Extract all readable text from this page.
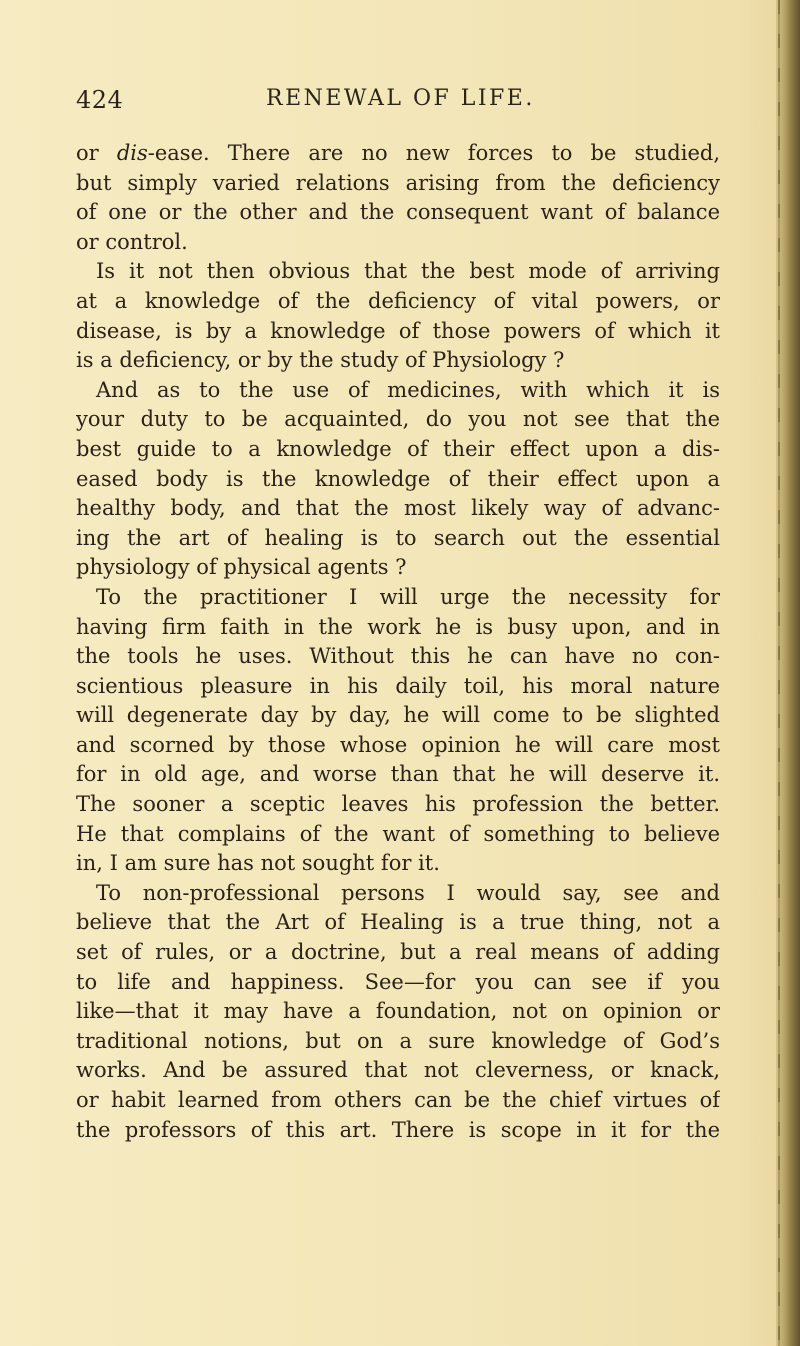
424	RENEWAL OF LIFE.
or dis-ease. There are no new forces to be studied,
but simply varied relations arising from the deficiency
of one or the other and the consequent want of balance
or control.
Is it not then obvious that the best mode of arriving
at a knowledge of the deficiency of vital powers, or
disease, is by a knowledge of those powers of which it
is a deficiency, or by the study of Physiology ?
And as to the use of medicines, with which it is
your duty to be acquainted, do you not see that the
best guide to a knowledge of their effect upon a dis-
eased body is the knowledge of their effect upon a
healthy body, and that the most likely way of advanc-
ing the art of healing is to search out the essential
physiology of physical agents ?
To the practitioner I will urge the necessity for
having firm faith in the work he is busy upon, and in
the tools he uses. Without this he can have no con-
scientious pleasure in his daily toil, his moral nature
will degenerate day by day, he will come to be slighted
and scorned by those whose opinion he will care most
for in old age, and worse than that he will deserve it.
The sooner a sceptic leaves his profession the better.
He that complains of the want of something to believe
in, I am sure has not sought for it.
To non-professional persons I would say, see and
believe that the Art of Healing is a true thing, not a
set of rules, or a doctrine, but a real means of adding
to life and happiness. See—for you can see if you
like—that it may have a foundation, not on opinion or
traditional notions, but on a sure knowledge of God’s
works. And be assured that not cleverness, or knack,
or habit learned from others can be the chief virtues of
the professors of this art. There is scope in it for the
